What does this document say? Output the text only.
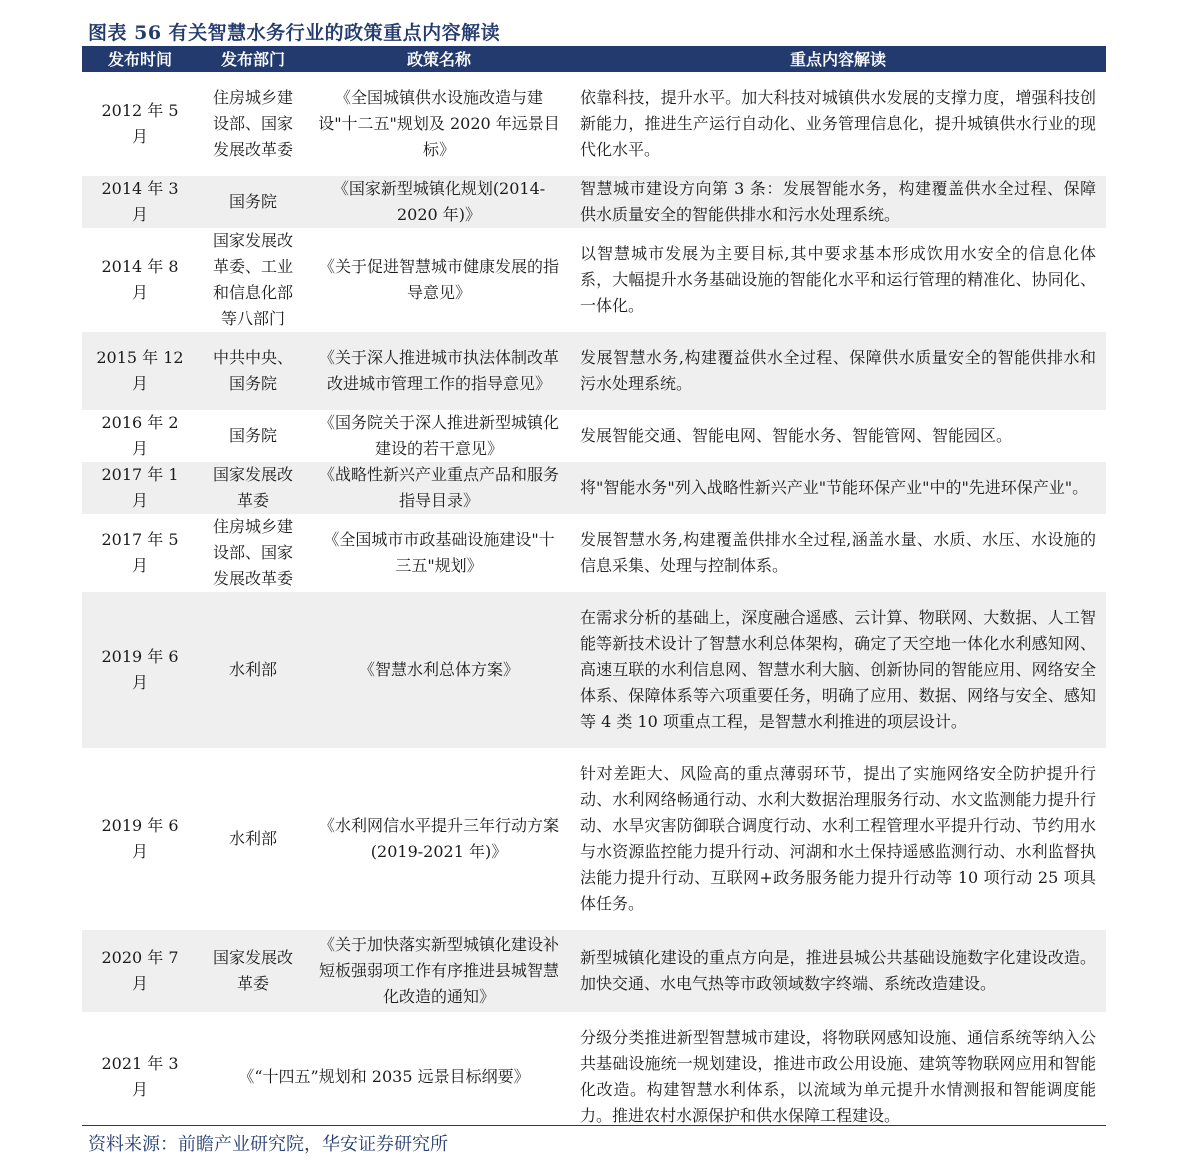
图表 56 有关智慧水务行业的政策重点内容解读
发布时间	发布部门	政策名称	重点内容解读
2012 年 5 月	住房城乡建设部、国家发展改革委	《全国城镇供水设施改造与建设"十二五"规划及 2020 年远景目标》	依靠科技，提升水平。加大科技对城镇供水发展的支撑力度，增强科技创新能力，推进生产运行自动化、业务管理信息化，提升城镇供水行业的现代化水平。
2014 年 3 月	国务院	《国家新型城镇化规划(2014-2020 年)》	智慧城市建设方向第 3 条：发展智能水务，构建覆盖供水全过程、保障供水质量安全的智能供排水和污水处理系统。
2014 年 8 月	国家发展改革委、工业和信息化部等八部门	《关于促进智慧城市健康发展的指导意见》	以智慧城市发展为主要目标,其中要求基本形成饮用水安全的信息化体系，大幅提升水务基础设施的智能化水平和运行管理的精准化、协同化、一体化。
2015 年 12 月	中共中央、国务院	《关于深人推进城市执法体制改革改进城市管理工作的指导意见》	发展智慧水务,构建覆益供水全过程、保障供水质量安全的智能供排水和污水处理系统。
2016 年 2 月	国务院	《国务院关于深人推进新型城镇化建设的若干意见》	发展智能交通、智能电网、智能水务、智能管网、智能园区。
2017 年 1 月	国家发展改革委	《战略性新兴产业重点产品和服务指导目录》	将"智能水务"列入战略性新兴产业"节能环保产业"中的"先进环保产业"。
2017 年 5 月	住房城乡建设部、国家发展改革委	《全国城市市政基础设施建设"十三五"规划》	发展智慧水务,构建覆盖供排水全过程,涵盖水量、水质、水压、水设施的信息采集、处理与控制体系。
2019 年 6 月	水利部	《智慧水利总体方案》	在需求分析的基础上，深度融合遥感、云计算、物联网、大数据、人工智能等新技术设计了智慧水利总体架构，确定了天空地一体化水利感知网、高速互联的水利信息网、智慧水利大脑、创新协同的智能应用、网络安全体系、保障体系等六项重要任务，明确了应用、数据、网络与安全、感知等 4 类 10 项重点工程，是智慧水利推进的项层设计。
2019 年 6 月	水利部	《水利网信水平提升三年行动方案(2019-2021 年)》	针对差距大、风险高的重点薄弱环节，提出了实施网络安全防护提升行动、水利网络畅通行动、水利大数据治理服务行动、水文监测能力提升行动、水旱灾害防御联合调度行动、水利工程管理水平提升行动、节约用水与水资源监控能力提升行动、河湖和水土保持遥感监测行动、水利监督执法能力提升行动、互联网+政务服务能力提升行动等 10 项行动 25 项具体任务。
2020 年 7 月	国家发展改革委	《关于加快落实新型城镇化建设补短板强弱项工作有序推进县城智慧化改造的通知》	新型城镇化建设的重点方向是，推进县城公共基础设施数字化建设改造。加快交通、水电气热等市政领域数字终端、系统改造建设。
2021 年 3 月	《“十四五”规划和 2035 远景目标纲要》		分级分类推进新型智慧城市建设，将物联网感知设施、通信系统等纳入公共基础设施统一规划建设，推进市政公用设施、建筑等物联网应用和智能化改造。构建智慧水利体系，以流域为单元提升水情测报和智能调度能力。推进农村水源保护和供水保障工程建设。
资料来源：前瞻产业研究院，华安证券研究所
